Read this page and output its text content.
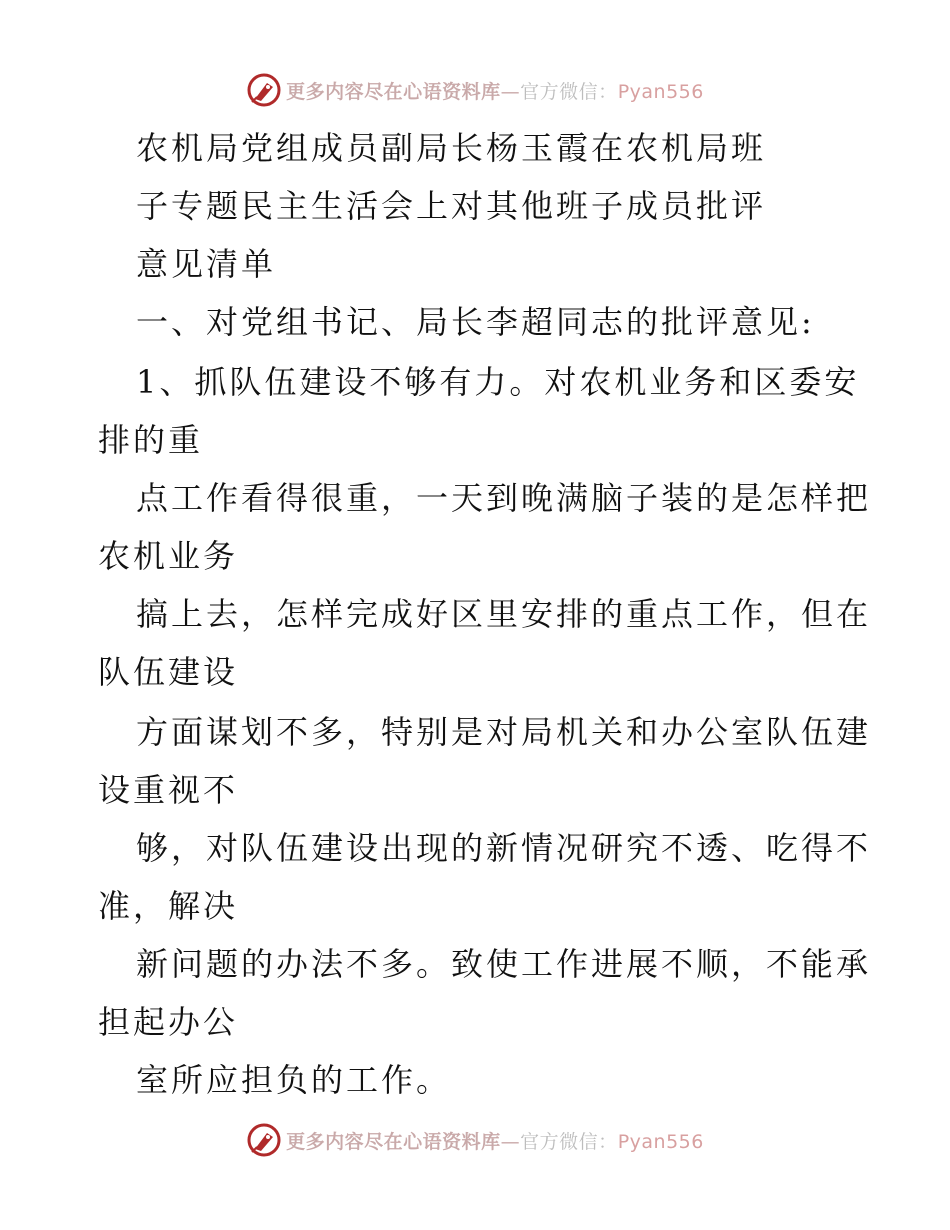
更多内容尽在心语资料库—官方微信：Pyan556
农机局党组成员副局长杨玉霞在农机局班
子专题民主生活会上对其他班子成员批评
意见清单
一、对党组书记、局长李超同志的批评意见:
1、抓队伍建设不够有力。对农机业务和区委安
排的重
点工作看得很重，一天到晚满脑子装的是怎样把
农机业务
搞上去，怎样完成好区里安排的重点工作，但在
队伍建设
方面谋划不多，特别是对局机关和办公室队伍建
设重视不
够，对队伍建设出现的新情况研究不透、吃得不
准，解决
新问题的办法不多。致使工作进展不顺，不能承
担起办公
室所应担负的工作。
更多内容尽在心语资料库—官方微信：Pyan556
